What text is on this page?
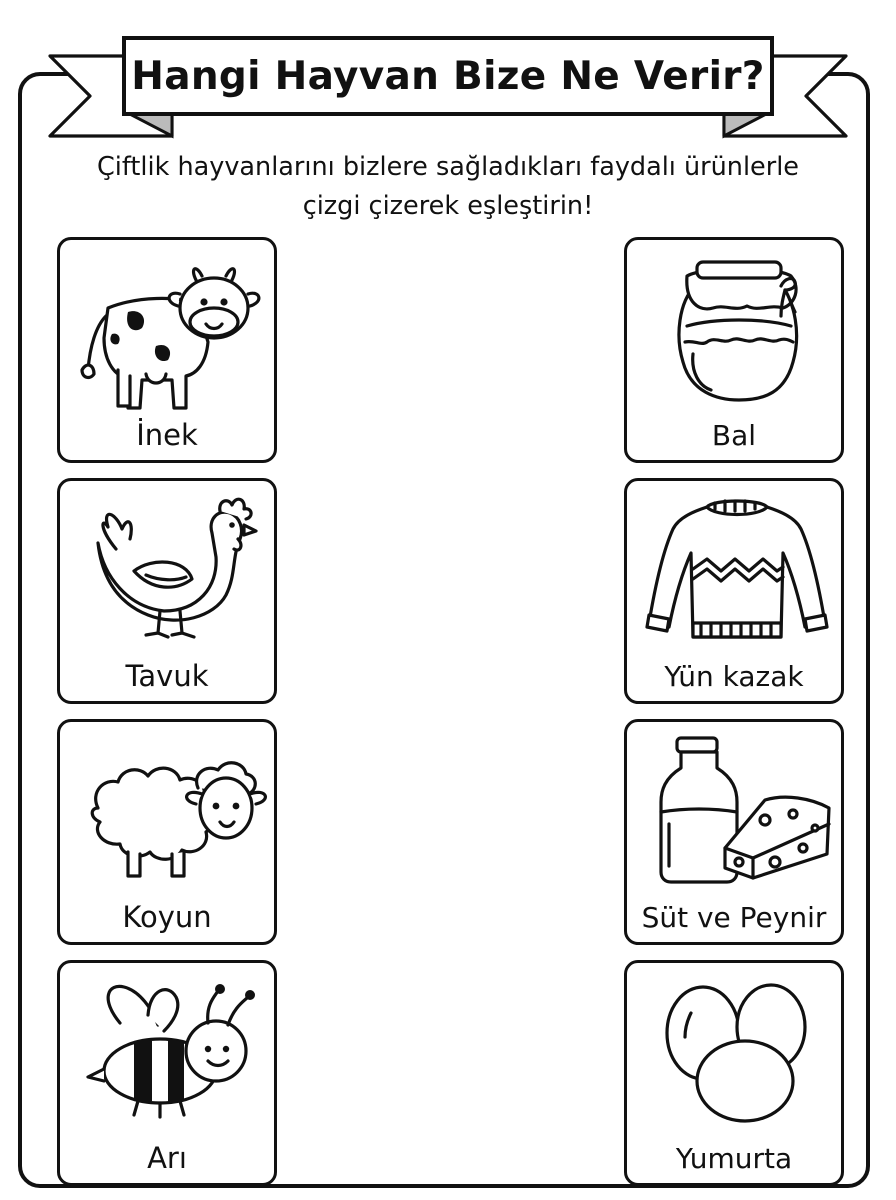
Hangi Hayvan Bize Ne Verir?
Çiftlik hayvanlarını bizlere sağladıkları faydalı ürünlerle
çizgi çizerek eşleştirin!
İnek
Tavuk
Koyun
Arı
Bal
Yün kazak
Süt ve Peynir
Yumurta
